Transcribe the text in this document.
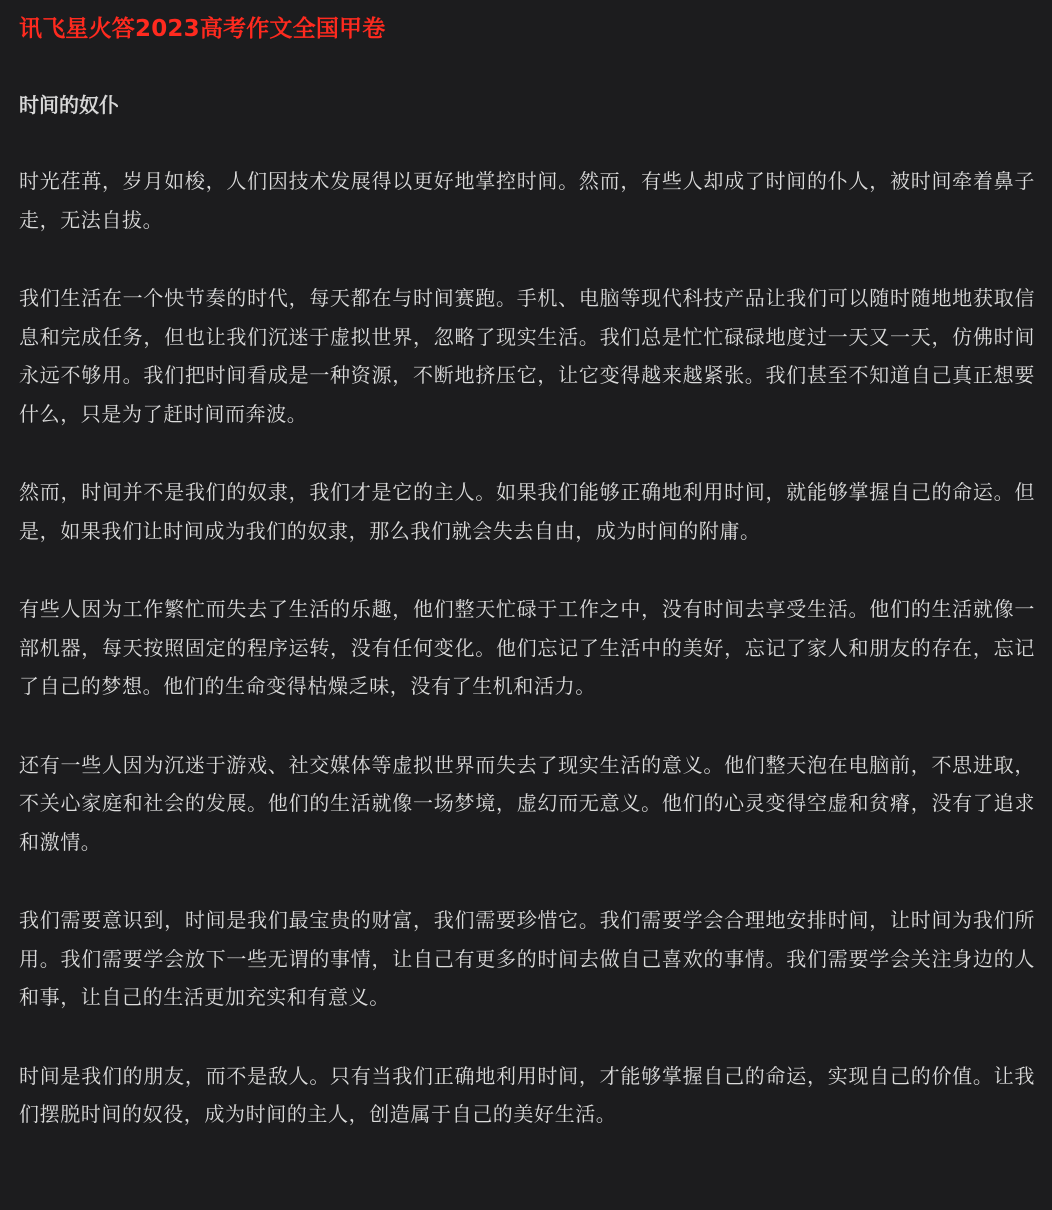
讯飞星火答2023高考作文全国甲卷
时间的奴仆

时光荏苒，岁月如梭，人们因技术发展得以更好地掌控时间。然而，有些人却成了时间的仆人，被时间牵着鼻子走，无法自拔。

我们生活在一个快节奏的时代，每天都在与时间赛跑。手机、电脑等现代科技产品让我们可以随时随地地获取信息和完成任务，但也让我们沉迷于虚拟世界，忽略了现实生活。我们总是忙忙碌碌地度过一天又一天，仿佛时间永远不够用。我们把时间看成是一种资源，不断地挤压它，让它变得越来越紧张。我们甚至不知道自己真正想要什么，只是为了赶时间而奔波。

然而，时间并不是我们的奴隶，我们才是它的主人。如果我们能够正确地利用时间，就能够掌握自己的命运。但是，如果我们让时间成为我们的奴隶，那么我们就会失去自由，成为时间的附庸。

有些人因为工作繁忙而失去了生活的乐趣，他们整天忙碌于工作之中，没有时间去享受生活。他们的生活就像一部机器，每天按照固定的程序运转，没有任何变化。他们忘记了生活中的美好，忘记了家人和朋友的存在，忘记了自己的梦想。他们的生命变得枯燥乏味，没有了生机和活力。

还有一些人因为沉迷于游戏、社交媒体等虚拟世界而失去了现实生活的意义。他们整天泡在电脑前，不思进取，不关心家庭和社会的发展。他们的生活就像一场梦境，虚幻而无意义。他们的心灵变得空虚和贫瘠，没有了追求和激情。

我们需要意识到，时间是我们最宝贵的财富，我们需要珍惜它。我们需要学会合理地安排时间，让时间为我们所用。我们需要学会放下一些无谓的事情，让自己有更多的时间去做自己喜欢的事情。我们需要学会关注身边的人和事，让自己的生活更加充实和有意义。

时间是我们的朋友，而不是敌人。只有当我们正确地利用时间，才能够掌握自己的命运，实现自己的价值。让我们摆脱时间的奴役，成为时间的主人，创造属于自己的美好生活。
